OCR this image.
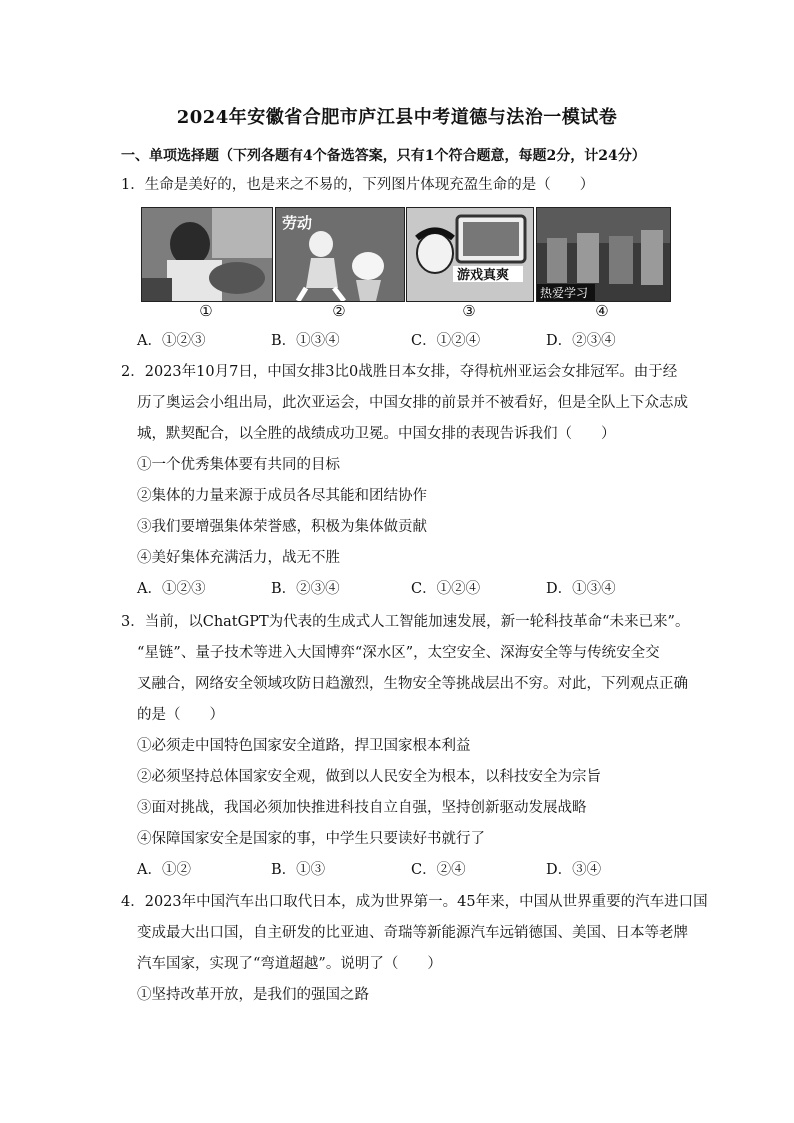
2024年安徽省合肥市庐江县中考道德与法治一模试卷
一、单项选择题（下列各题有4个备选答案，只有1个符合题意，每题2分，计24分）
1．生命是美好的，也是来之不易的，下列图片体现充盈生命的是（　　）
劳动
游戏真爽
热爱学习
①	②	③	④
A．①②③	B．①③④	C．①②④	D．②③④
2．2023年10月7日，中国女排3比0战胜日本女排，夺得杭州亚运会女排冠军。由于经
历了奥运会小组出局，此次亚运会，中国女排的前景并不被看好，但是全队上下众志成
城，默契配合，以全胜的战绩成功卫冕。中国女排的表现告诉我们（　　）
①一个优秀集体要有共同的目标
②集体的力量来源于成员各尽其能和团结协作
③我们要增强集体荣誉感，积极为集体做贡献
④美好集体充满活力，战无不胜
A．①②③	B．②③④	C．①②④	D．①③④
3．当前，以ChatGPT为代表的生成式人工智能加速发展，新一轮科技革命“未来已来”。
“星链”、量子技术等进入大国博弈“深水区”，太空安全、深海安全等与传统安全交
叉融合，网络安全领域攻防日趋激烈，生物安全等挑战层出不穷。对此，下列观点正确
的是（　　）
①必须走中国特色国家安全道路，捍卫国家根本利益
②必须坚持总体国家安全观，做到以人民安全为根本，以科技安全为宗旨
③面对挑战，我国必须加快推进科技自立自强，坚持创新驱动发展战略
④保障国家安全是国家的事，中学生只要读好书就行了
A．①②	B．①③	C．②④	D．③④
4．2023年中国汽车出口取代日本，成为世界第一。45年来，中国从世界重要的汽车进口国
变成最大出口国，自主研发的比亚迪、奇瑞等新能源汽车远销德国、美国、日本等老牌
汽车国家，实现了“弯道超越”。说明了（　　）
①坚持改革开放，是我们的强国之路
